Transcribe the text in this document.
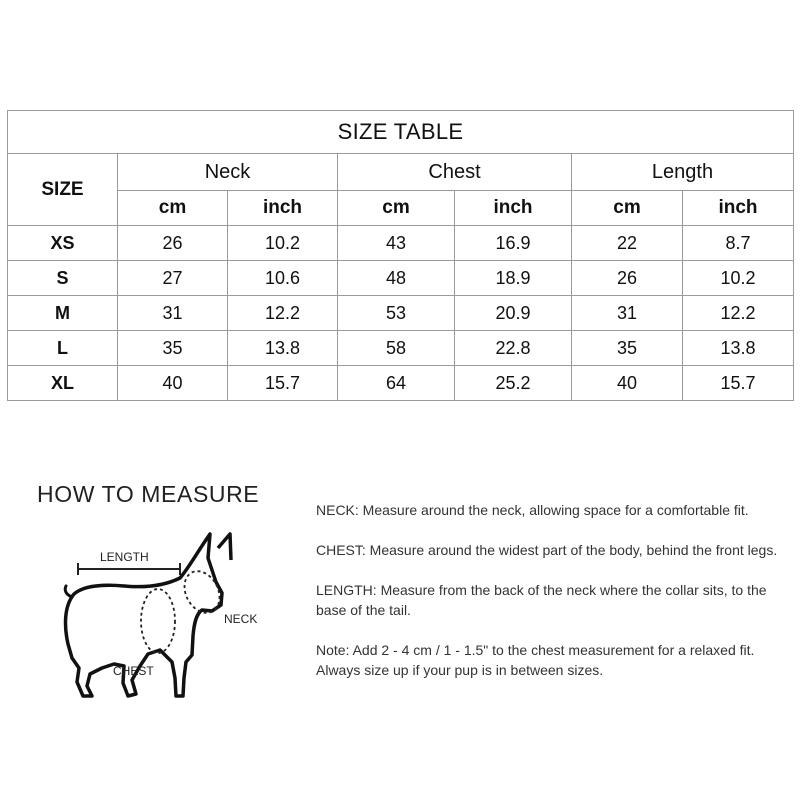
SIZE TABLE						
SIZE	Neck		Chest		Length	
	cm	inch	cm	inch	cm	inch
XS	26	10.2	43	16.9	22	8.7
S	27	10.6	48	18.9	26	10.2
M	31	12.2	53	20.9	31	12.2
L	35	13.8	58	22.8	35	13.8
XL	40	15.7	64	25.2	40	15.7
HOW TO MEASURE
LENGTH
NECK
CHEST

NECK: Measure around the neck, allowing space for a comfortable fit.

CHEST: Measure around the widest part of the body, behind the front legs.

LENGTH: Measure from the back of the neck where the collar sits, to the base of the tail.

Note: Add 2 - 4 cm / 1 - 1.5" to the chest measurement for a relaxed fit.
Always size up if your pup is in between sizes.
